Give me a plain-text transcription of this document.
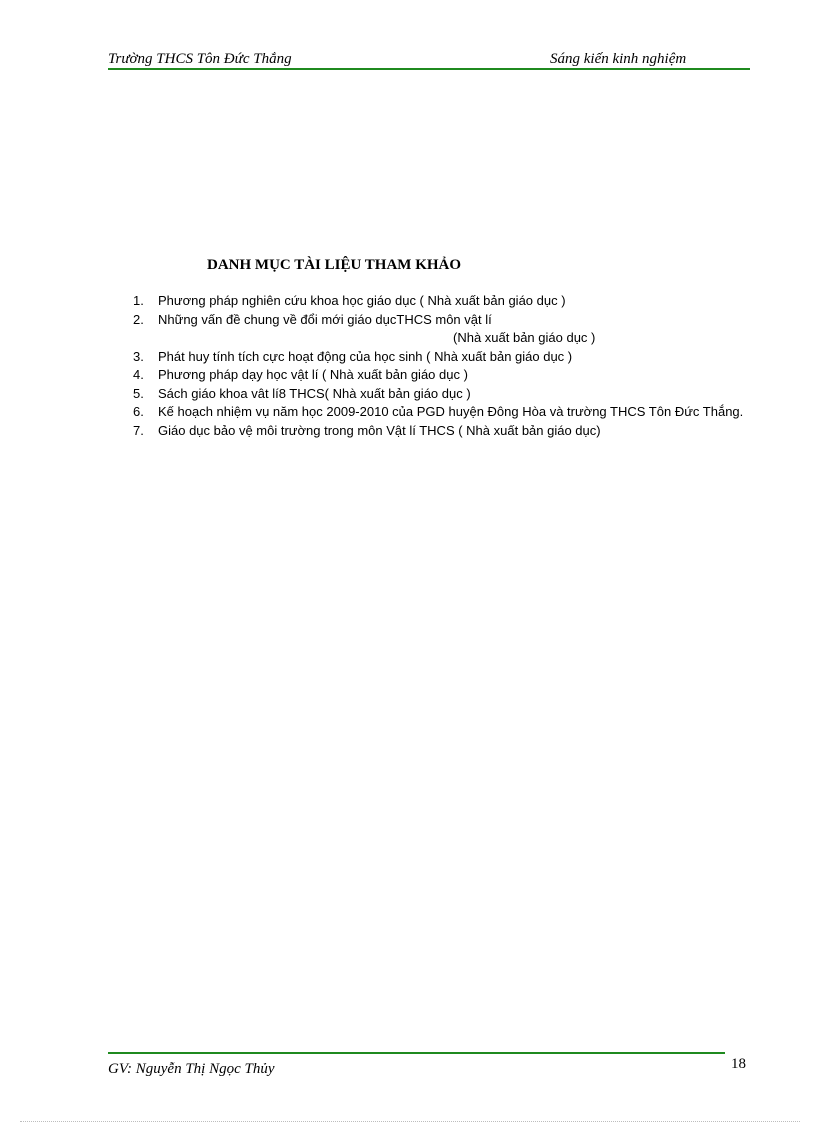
Trường THCS Tôn Đức Thắng	Sáng kiến kinh nghiệm
DANH MỤC TÀI LIỆU THAM KHẢO
1. Phương pháp nghiên cứu khoa học giáo dục ( Nhà xuất bản giáo dục )
2. Những vấn đề chung về đổi mới giáo dụcTHCS môn vật lí
(Nhà xuất bản giáo dục )
3. Phát huy tính tích cực hoạt động của học sinh ( Nhà xuất bản giáo dục )
4. Phương pháp dạy học vật lí ( Nhà xuất bản giáo dục )
5. Sách giáo khoa vât lí8 THCS( Nhà xuất bản giáo dục )
6. Kế hoạch nhiệm vụ năm học 2009-2010 của PGD huyện Đông Hòa và trường THCS Tôn Đức Thắng.
7. Giáo dục bảo vệ môi trường trong môn Vật lí THCS ( Nhà xuất bản giáo dục)
GV: Nguyễn Thị Ngọc Thủy	18
